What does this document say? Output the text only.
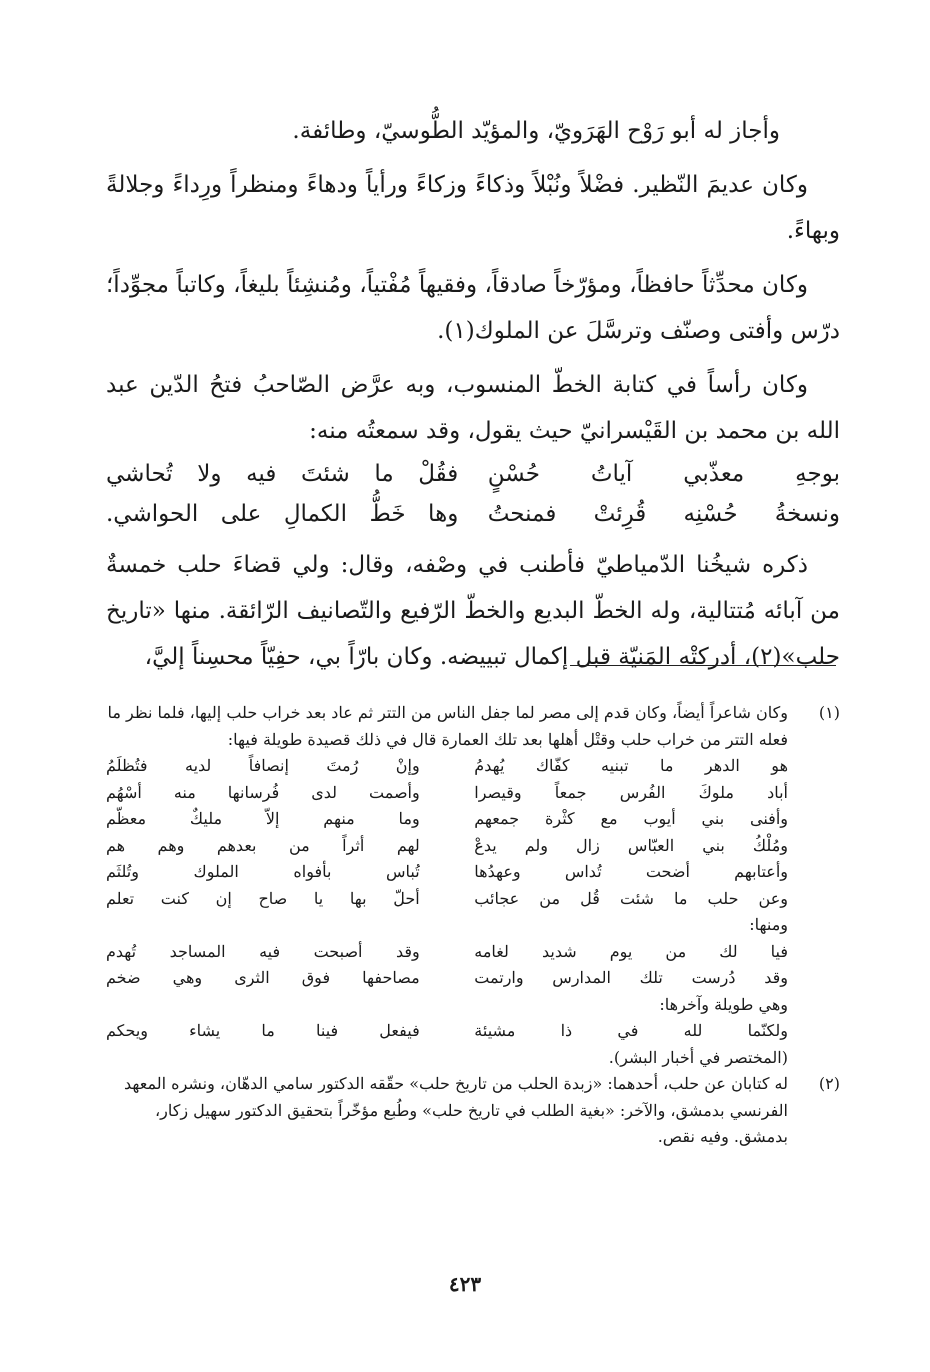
وأجاز له أبو رَوْح الهَرَويّ، والمؤيّد الطُّوسيّ، وطائفة.

وكان عديمَ النّظير. فضْلاً ونُبْلاً وذكاءً وزكاءً ورأياً ودهاءً ومنظراً ورِداءً وجلالةً وبهاءً.

وكان محدِّثاً حافظاً، ومؤرّخاً صادقاً، وفقيهاً مُفْتياً، ومُنشِئاً بليغاً، وكاتباً مجوِّداً؛ درّس وأفتى وصنّف وترسَّلَ عن الملوك(١).

وكان رأساً في كتابة الخطّ المنسوب، وبه عرَّض الصّاحبُ فتحُ الدّين عبد الله بن محمد بن القَيْسرانيّ حيث يقول، وقد سمعتُه منه:

بوجهِ معذّبي آياتُ حُسْنٍ
فقُلْ ما شئتَ فيه ولا تُحاشي
ونسخةُ حُسْنِه قُرِئتْ فمنحتُ
وها خَطُّ الكمالِ على الحواشي.

ذكره شيخُنا الدّمياطيّ فأطنب في وصْفه، وقال: ولي قضاءَ حلب خمسةٌ من آبائه مُتتالية، وله الخطّ البديع والخطّ الرّفيع والتّصانيف الرّائقة. منها «تاريخ حلب»(٢)، أدركتْه المَنيّة قبل إكمال تبييضه. وكان بارّاً بي، حفِيّاً محسِناً إليَّ،

(١)
وكان شاعراً أيضاً، وكان قدم إلى مصر لما جفل الناس من التتر ثم عاد بعد خراب حلب إليها، فلما نظر ما فعله التتر من خراب حلب وقتْل أهلها بعد تلك العمارة قال في ذلك قصيدة طويلة فيها:
هو الدهر ما تبنيه كفّاك يُهدمُ
وإنْ رُمتَ إنصافاً لديه فتُظلَمُ
أباد ملوكَ الفُرس جمعاً وقيصرا
وأصمت لدى فُرسانها منه أسْهُم
وأفنى بني أيوب مع كثْرة جمعهم
وما منهم إلاّ مليكٌ معظّم
ومُلْكُ بني العبّاس زال ولم يدعْ
لهم أثراً من بعدهم وهم هم
وأعتابهم أضحت تُداس وعهدُها
تُباس بأفواه الملوك وتُلثَم
وعن حلب ما شئت قُل من عجائب
أحلّ بها يا صاح إن كنت تعلم
ومنها:
فيا لك من يوم شديد لغامه
وقد أصبحت فيه المساجد تُهدم
وقد دُرست تلك المدارس وارتمت
مصاحفها فوق الثرى وهي ضخم
وهي طويلة وآخرها:
ولكنّما لله في ذا مشيئة
فيفعل فينا ما يشاء ويحكم
(المختصر في أخبار البشر).
(٢)
له كتابان عن حلب، أحدهما: «زبدة الحلب من تاريخ حلب» حقّقه الدكتور سامي الدهّان، ونشره المعهد الفرنسي بدمشق، والآخر: «بغية الطلب في تاريخ حلب» وطُبع مؤخّراً بتحقيق الدكتور سهيل زكار، بدمشق. وفيه نقص.
٤٢٣
